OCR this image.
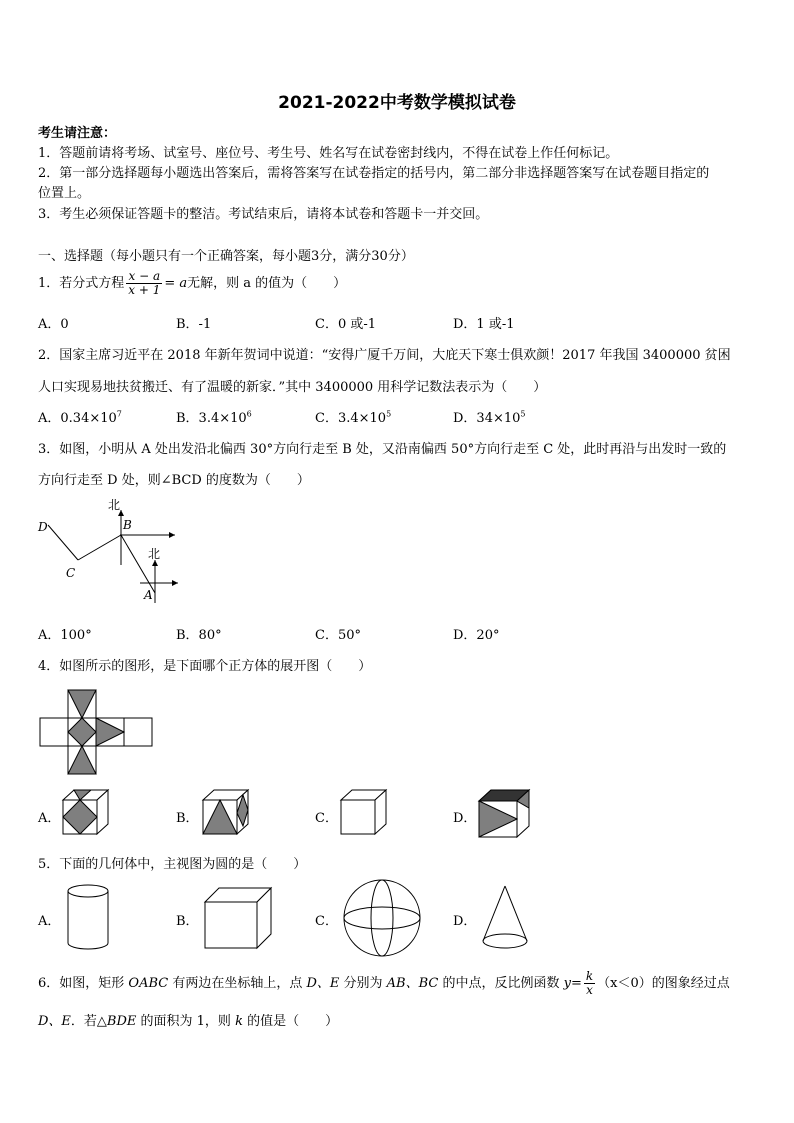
2021-2022中考数学模拟试卷
考生请注意：
1．答题前请将考场、试室号、座位号、考生号、姓名写在试卷密封线内，不得在试卷上作任何标记。
2．第一部分选择题每小题选出答案后，需将答案写在试卷指定的括号内，第二部分非选择题答案写在试卷题目指定的
位置上。
3．考生必须保证答题卡的整洁。考试结束后，请将本试卷和答题卡一并交回。
一、选择题（每小题只有一个正确答案，每小题3分，满分30分）
1．若分式方程 $\frac{x - a}{x + 1} = a$无解，则 a 的值为（　　）
A．0	B．-1	C．0 或-1	D．1 或-1
2．国家主席习近平在 2018 年新年贺词中说道：“安得广厦千万间，大庇天下寒士俱欢颜！2017 年我国 3400000 贫困
人口实现易地扶贫搬迁、有了温暖的新家．”其中 3400000 用科学记数法表示为（　　）
A．$0.34\times 10^7$	B．$3.4\times 10^6$	C．$3.4\times 10^5$	D．$34\times 10^5$
3．如图，小明从 A 处出发沿北偏西 30°方向行走至 B 处，又沿南偏西 50°方向行走至 C 处，此时再沿与出发时一致的
方向行走至 D 处，则∠BCD 的度数为（　　）
北
北
B
A
C
D
A．100°	B．80°	C．50°	D．20°
4．如图所示的图形，是下面哪个正方体的展开图（　　）
A．	B．	C．	D．
5．下面的几何体中，主视图为圆的是（　　）
A．	B．	C．	D．
6．如图，矩形 OABC 有两边在坐标轴上，点 D、E 分别为 AB、BC 的中点，反比例函数 $y= \frac{k}{x} (x<0)$的图象经过点
D、E．若△BDE 的面积为 1，则 k 的值是（　　）
